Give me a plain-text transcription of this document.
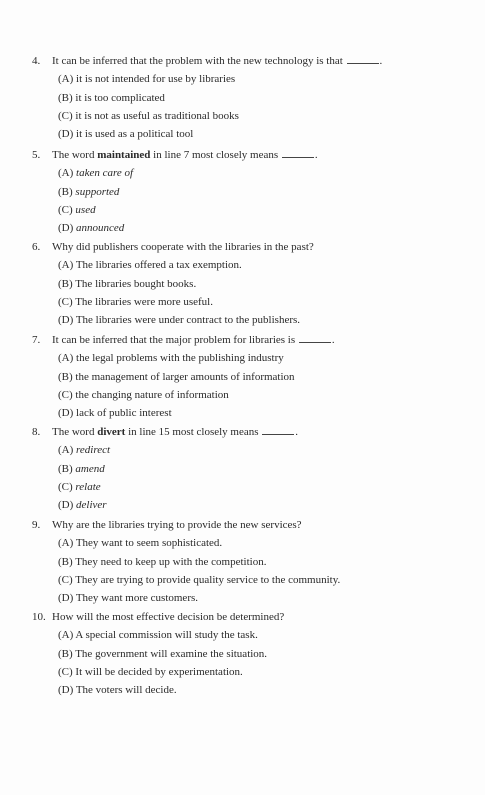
4.	It can be inferred that the problem with the new technology is that	.
(A) it is not intended for use by libraries
(B) it is too complicated
(C) it is not as useful as traditional books
(D) it is used as a political tool
5.	The word maintained in line 7 most closely means	.
(A) taken care of
(B) supported
(C) used
(D) announced
6.	Why did publishers cooperate with the libraries in the past?
(A) The libraries offered a tax exemption.
(B) The libraries bought books.
(C) The libraries were more useful.
(D) The libraries were under contract to the publishers.
7.	It can be inferred that the major problem for libraries is	.
(A) the legal problems with the publishing industry
(B) the management of larger amounts of information
(C) the changing nature of information
(D) lack of public interest
8.	The word divert in line 15 most closely means	.
(A) redirect
(B) amend
(C) relate
(D) deliver
9.	Why are the libraries trying to provide the new services?
(A) They want to seem sophisticated.
(B) They need to keep up with the competition.
(C) They are trying to provide quality service to the community.
(D) They want more customers.
10. How will the most effective decision be determined?
(A) A special commission will study the task.
(B) The government will examine the situation.
(C) It will be decided by experimentation.
(D) The voters will decide.
